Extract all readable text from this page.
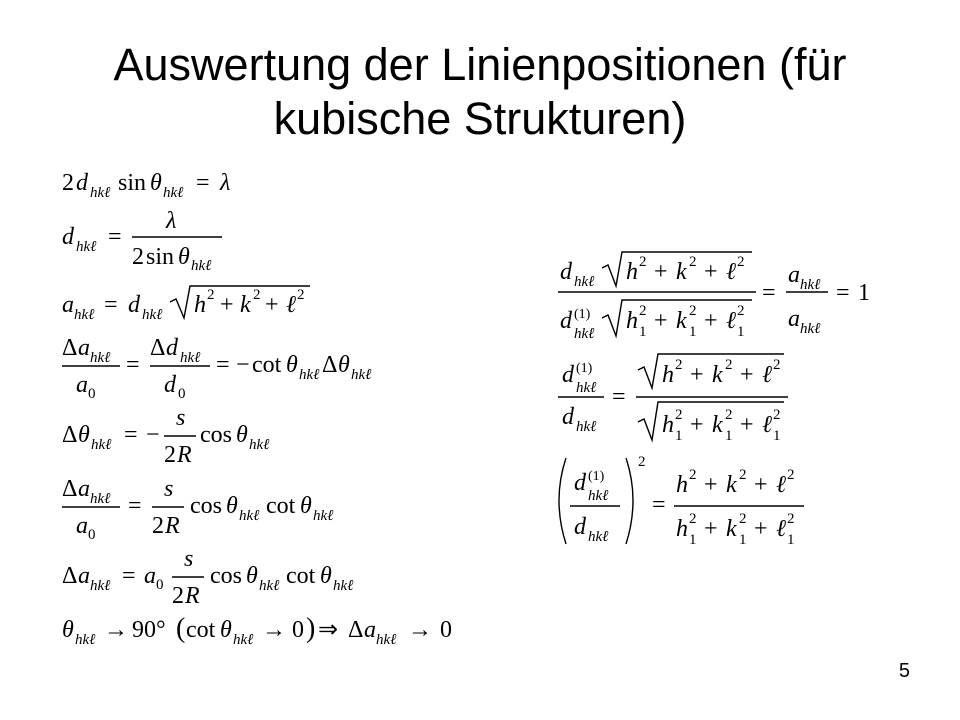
Auswertung der Linienpositionen (für kubische Strukturen)
2 d hkℓ sin θ hkℓ = λ
d hkℓ =
λ
2 sin θ hkℓ
a hkℓ = d hkℓ h 2 + k 2 + ℓ 2
Δ a hkℓ
a 0
=
Δ d hkℓ
d 0
= − cot θ hkℓ Δ θ hkℓ
Δ θ hkℓ = −
s
2 R
cos θ hkℓ
Δ a hkℓ
a 0
=
s
2 R
cos θ hkℓ cot θ hkℓ
Δ a hkℓ = a 0
s
2 R
cos θ hkℓ cot θ hkℓ
θ hkℓ → 90° ( cot θ hkℓ → 0 ) ⇒ Δ a hkℓ → 0
d hkℓ h 2 + k 2 + ℓ 2
d (1)
hkℓ h 2
1 + k 2
1 + ℓ 2
1
=
a hkℓ
a hkℓ
= 1
d (1)
hkℓ
d hkℓ
=
h 2 + k 2 + ℓ 2
h 2
1 + k 2
1 + ℓ 2
1
d (1)
hkℓ
d hkℓ
2
=
h 2 + k 2 + ℓ 2
h 2
1 + k 2
1 + ℓ 2
1
5
